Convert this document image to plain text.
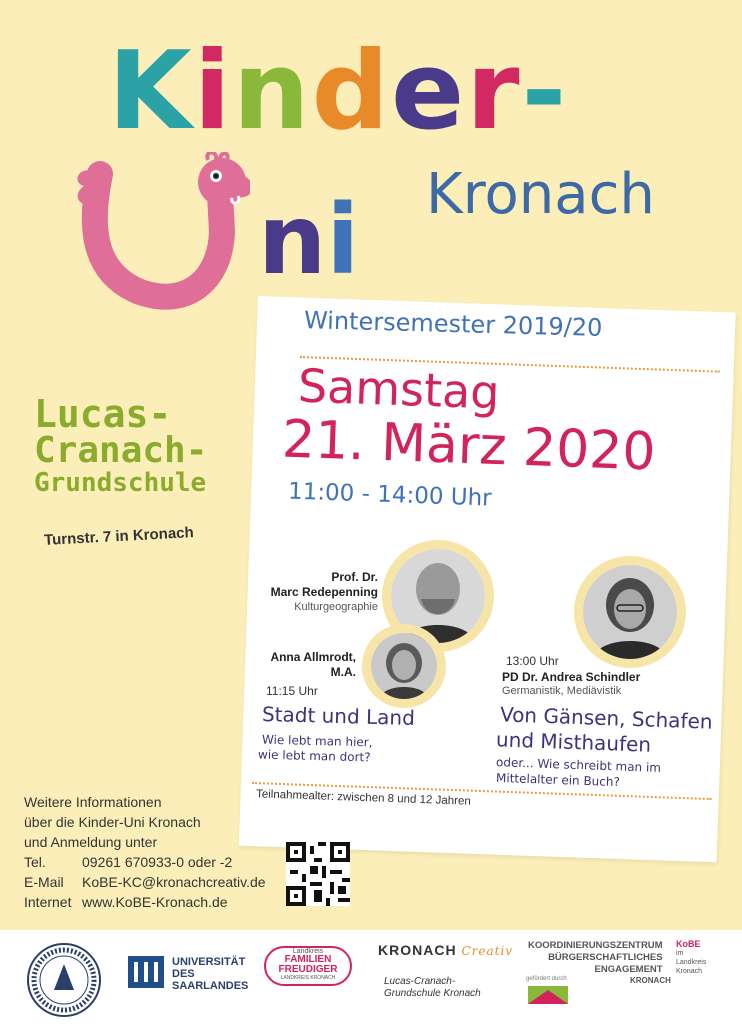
Kinder-
ni Kronach
Lucas-
Cranach-
Grundschule
Turnstr. 7 in Kronach
Wintersemester 2019/20
Samstag
21. März 2020
11:00 - 14:00 Uhr
Prof. Dr.
Marc Redepenning
Kulturgeographie
Anna Allmrodt,
M.A.
13:00 Uhr
PD Dr. Andrea Schindler
Germanistik, Mediävistik
11:15 Uhr
Stadt und Land
Wie lebt man hier,
wie lebt man dort?
Von Gänsen, Schafen
und Misthaufen
oder... Wie schreibt man im
Mittelalter ein Buch?
Teilnahmealter: zwischen 8 und 12 Jahren
Weitere Informationen
über die Kinder-Uni Kronach
und Anmeldung unter
Tel.	09261 670933-0 oder -2
E-Mail	KoBE-KC@kronachcreativ.de
Internet www.KoBE-Kronach.de
UNIVERSITÄT
DES
SAARLANDES
Landkreis
FAMILIEN
FREUDIGER
LANDKREIS KRONACH
KRONACH Creativ
Lucas-Cranach-
Grundschule Kronach
KOORDINIERUNGSZENTRUM
BÜRGERSCHAFTLICHES
ENGAGEMENT
KoBE
im
Landkreis
Kronach
KRONACH
gefördert durch
